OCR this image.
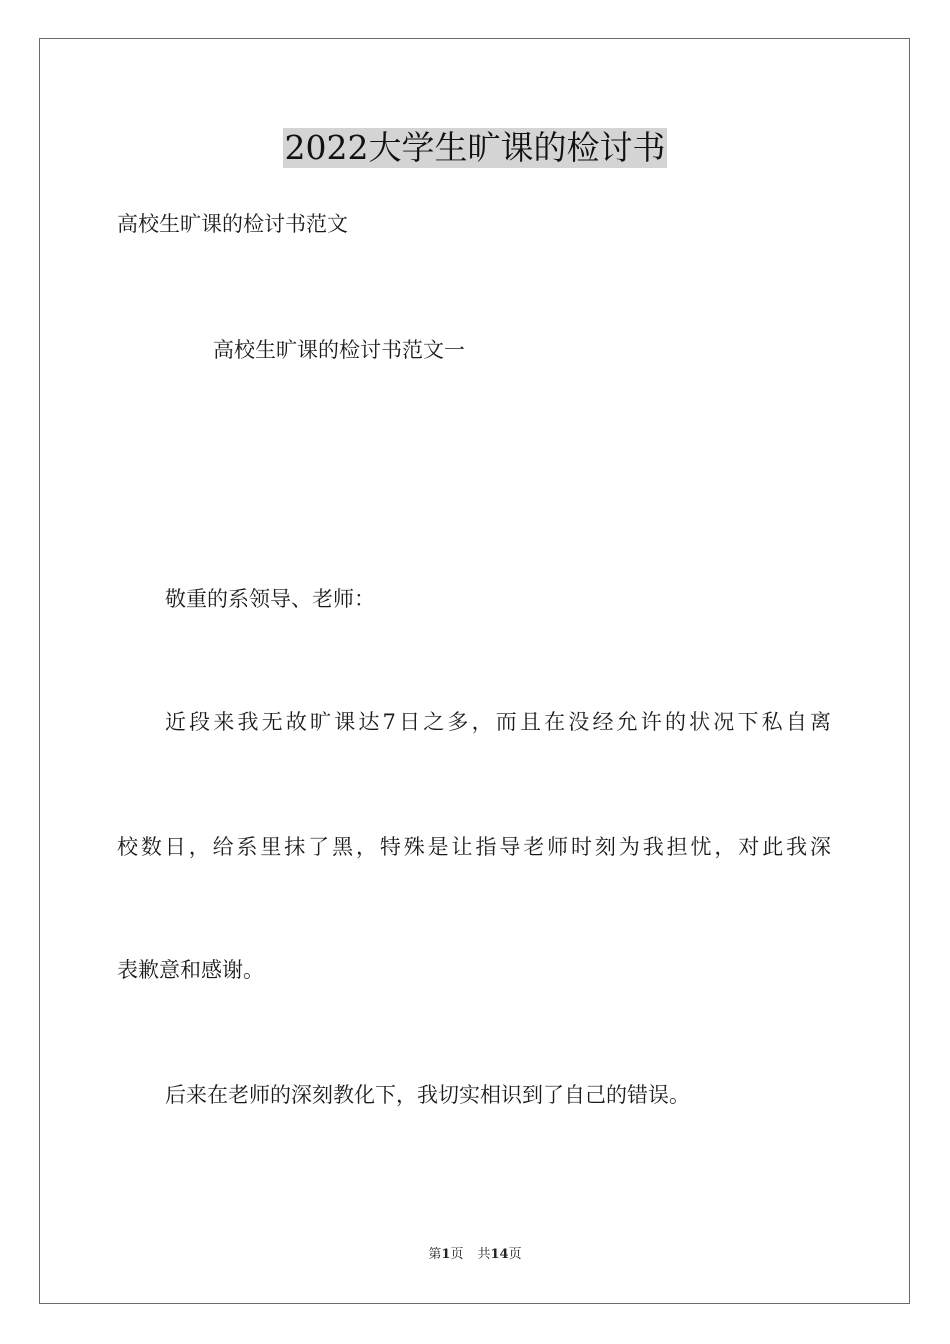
2022大学生旷课的检讨书
高校生旷课的检讨书范文
高校生旷课的检讨书范文一
敬重的系领导、老师：
近段来我无故旷课达7日之多，而且在没经允许的状况下私自离
校数日，给系里抹了黑，特殊是让指导老师时刻为我担忧，对此我深
表歉意和感谢。
后来在老师的深刻教化下，我切实相识到了自己的错误。
第1页 共14页
